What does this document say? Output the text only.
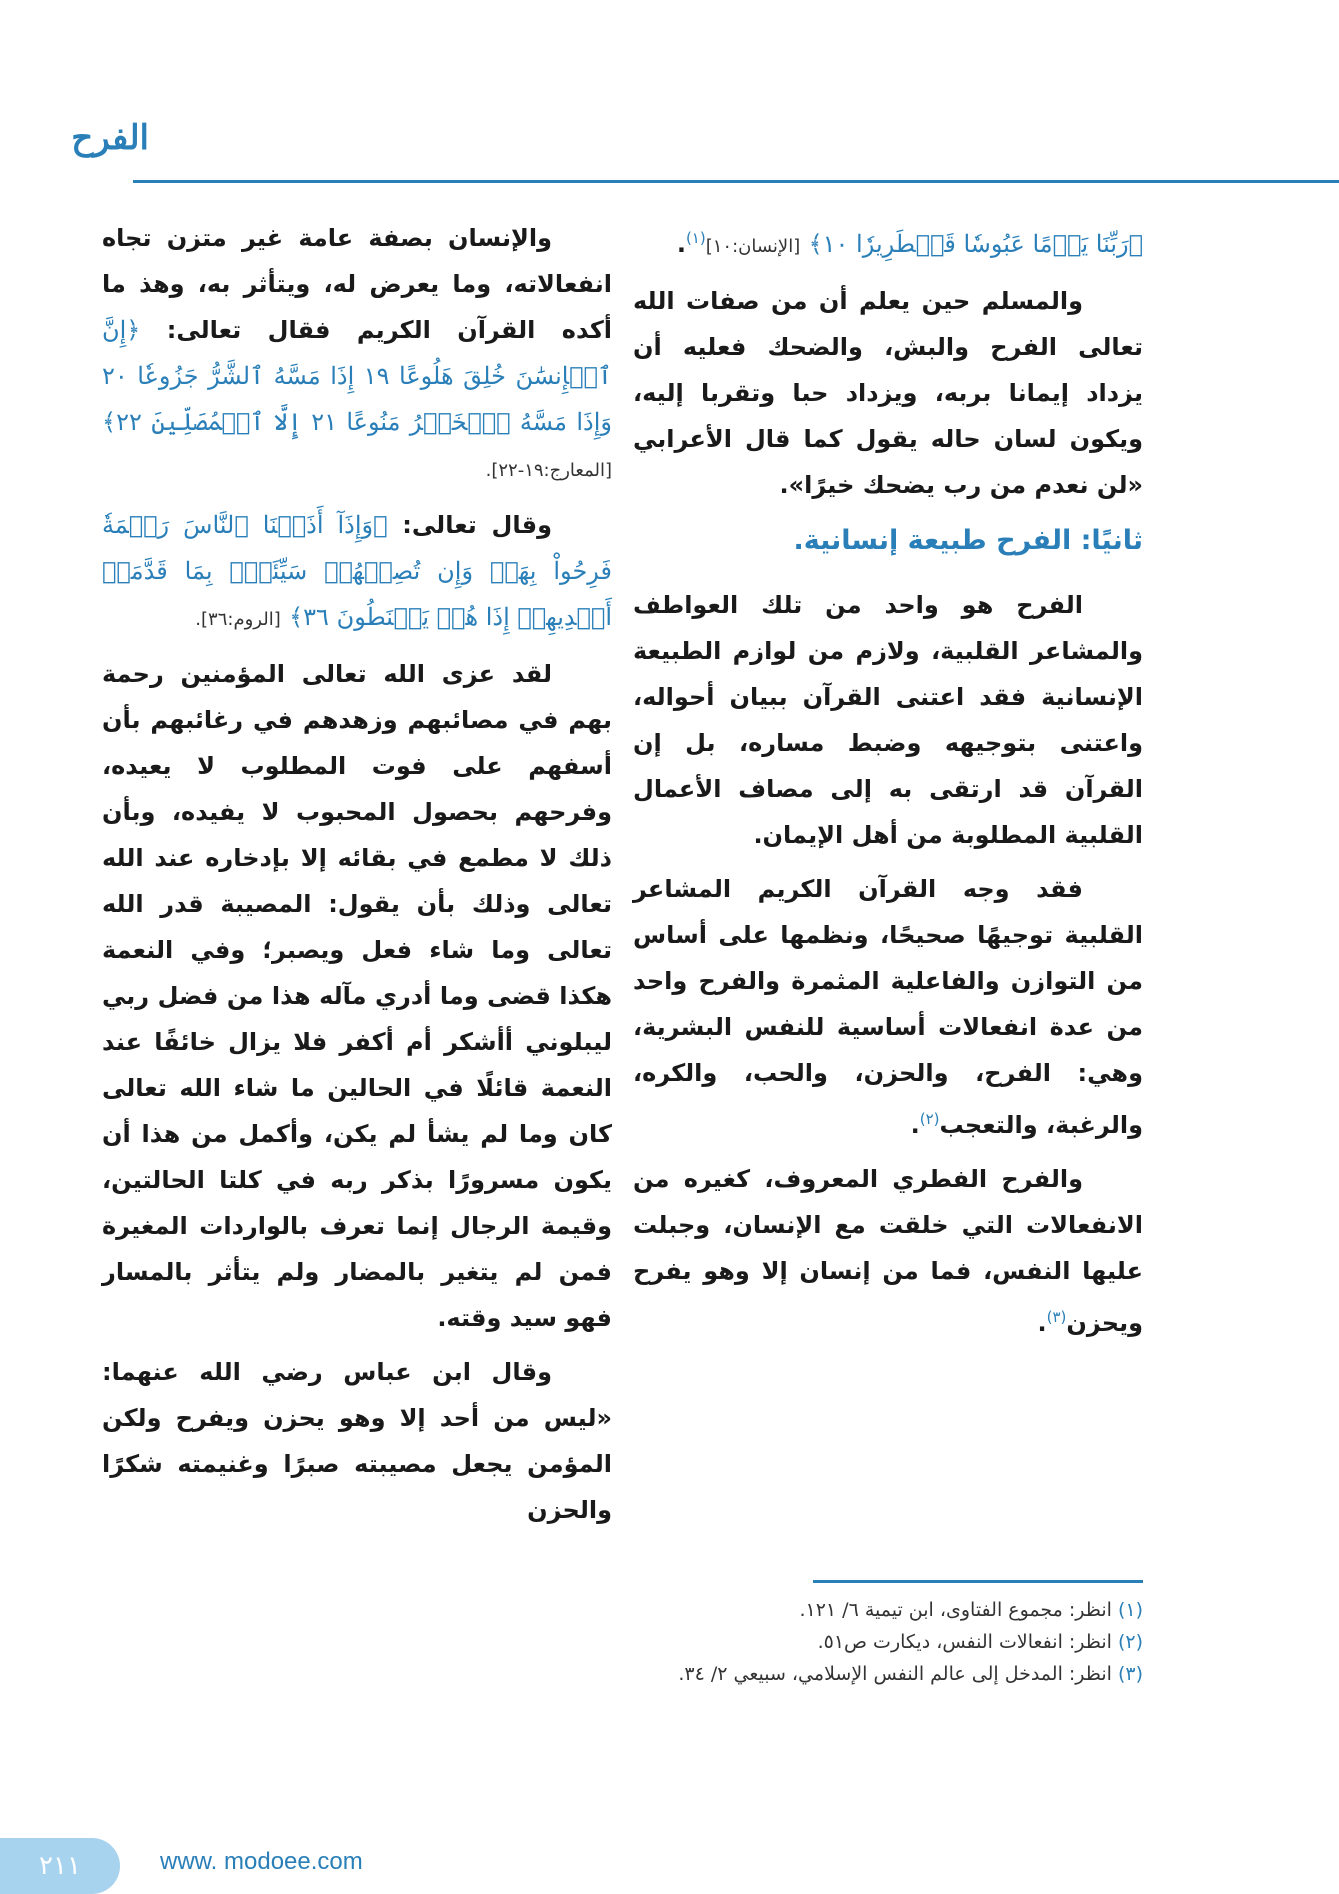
الفرح

﴿رَبِّنَا يَوۡمًا عَبُوسٗا قَمۡطَرِيرٗا ١٠﴾ [الإنسان:١٠]$^{(١)}$.

والمسلم حين يعلم أن من صفات الله تعالى الفرح والبش، والضحك فعليه أن يزداد إيمانا بربه، ويزداد حبا وتقربا إليه، ويكون لسان حاله يقول كما قال الأعرابي «لن نعدم من رب يضحك خيرًا».

ثانيًا: الفرح طبيعة إنسانية.

الفرح هو واحد من تلك العواطف والمشاعر القلبية، ولازم من لوازم الطبيعة الإنسانية فقد اعتنى القرآن ببيان أحواله، واعتنى بتوجيهه وضبط مساره، بل إن القرآن قد ارتقى به إلى مصاف الأعمال القلبية المطلوبة من أهل الإيمان.

فقد وجه القرآن الكريم المشاعر القلبية توجيهًا صحيحًا، ونظمها على أساس من التوازن والفاعلية المثمرة والفرح واحد من عدة انفعالات أساسية للنفس البشرية، وهي: الفرح، والحزن، والحب، والكره، والرغبة، والتعجب$^{(٢)}$.

والفرح الفطري المعروف، كغيره من الانفعالات التي خلقت مع الإنسان، وجبلت عليها النفس، فما من إنسان إلا وهو يفرح ويحزن$^{(٣)}$.

والإنسان بصفة عامة غير متزن تجاه انفعالاته، وما يعرض له، ويتأثر به، وهذ ما أكده القرآن الكريم فقال تعالى: ﴿إِنَّ ٱلۡإِنسَٰنَ خُلِقَ هَلُوعًا ١٩ إِذَا مَسَّهُ ٱلشَّرُّ جَزُوعٗا ٢٠ وَإِذَا مَسَّهُ ٱلۡخَيۡرُ مَنُوعًا ٢١ إِلَّا ٱلۡمُصَلِّينَ ٢٢﴾ [المعارج:١٩-٢٢].

وقال تعالى: ﴿وَإِذَآ أَذَقۡنَا ٱلنَّاسَ رَحۡمَةٗ فَرِحُواْ بِهَاۖ وَإِن تُصِبۡهُمۡ سَيِّئَةُۢ بِمَا قَدَّمَتۡ أَيۡدِيهِمۡ إِذَا هُمۡ يَقۡنَطُونَ ٣٦﴾ [الروم:٣٦].

لقد عزى الله تعالى المؤمنين رحمة بهم في مصائبهم وزهدهم في رغائبهم بأن أسفهم على فوت المطلوب لا يعيده، وفرحهم بحصول المحبوب لا يفيده، وبأن ذلك لا مطمع في بقائه إلا بإدخاره عند الله تعالى وذلك بأن يقول: المصيبة قدر الله تعالى وما شاء فعل ويصبر؛ وفي النعمة هكذا قضى وما أدري مآله هذا من فضل ربي ليبلوني أأشكر أم أكفر فلا يزال خائفًا عند النعمة قائلًا في الحالين ما شاء الله تعالى كان وما لم يشأ لم يكن، وأكمل من هذا أن يكون مسرورًا بذكر ربه في كلتا الحالتين، وقيمة الرجال إنما تعرف بالواردات المغيرة فمن لم يتغير بالمضار ولم يتأثر بالمسار فهو سيد وقته.

وقال ابن عباس رضي الله عنهما: «ليس من أحد إلا وهو يحزن ويفرح ولكن المؤمن يجعل مصيبته صبرًا وغنيمته شكرًا والحزن

(١)انظر: مجموع الفتاوى، ابن تيمية ٦/ ١٢١.
(٢)انظر: انفعالات النفس، ديكارت ص٥١.
(٣)انظر: المدخل إلى عالم النفس الإسلامي، سبيعي ٢/ ٣٤.
٢١١	www. modoee.com
